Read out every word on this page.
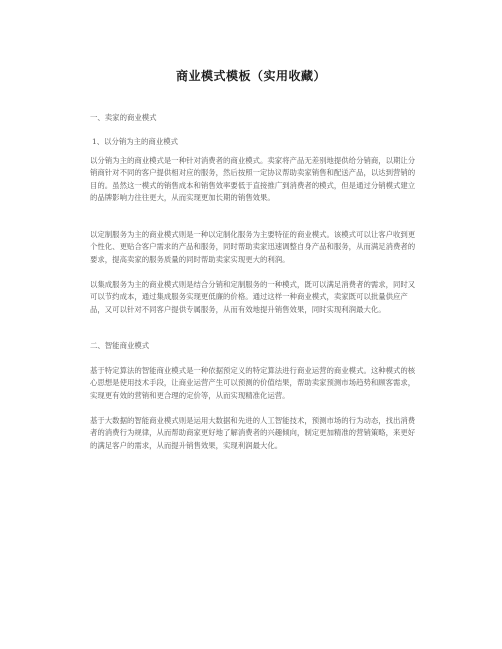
商业模式模板（实用收藏）
一、卖家的商业模式
1、以分销为主的商业模式
以分销为主的商业模式是一种针对消费者的商业模式。卖家将产品无差别地提供给分销商，以期让分销商针对不同的客户提供相对应的服务，然后按照一定协议帮助卖家销售和配送产品，以达到营销的目的。虽然这一模式的销售成本和销售效率要低于直接推广到消费者的模式，但是通过分销模式建立的品牌影响力往往更大，从而实现更加长期的销售效果。
以定制服务为主的商业模式则是一种以定制化服务为主要特征的商业模式。该模式可以让客户收到更个性化、更贴合客户需求的产品和服务，同时帮助卖家迅速调整自身产品和服务，从而满足消费者的要求，提高卖家的服务质量的同时帮助卖家实现更大的利润。
以集成服务为主的商业模式则是结合分销和定制服务的一种模式，既可以满足消费者的需求，同时又可以节约成本，通过集成服务实现更低廉的价格。通过这样一种商业模式，卖家既可以批量供应产品，又可以针对不同客户提供专属服务，从而有效地提升销售效果，同时实现利润最大化。
二、智能商业模式
基于特定算法的智能商业模式是一种依据预定义的特定算法进行商业运营的商业模式。这种模式的核心思想是使用技术手段，让商业运营产生可以预测的价值结果，帮助卖家预测市场趋势和顾客需求，实现更有效的营销和更合理的定价等，从而实现精准化运营。
基于大数据的智能商业模式则是运用大数据和先进的人工智能技术，预测市场的行为动态，找出消费者的消费行为规律，从而帮助商家更好地了解消费者的兴趣倾向，制定更加精准的营销策略，来更好的满足客户的需求，从而提升销售效果，实现利润最大化。
